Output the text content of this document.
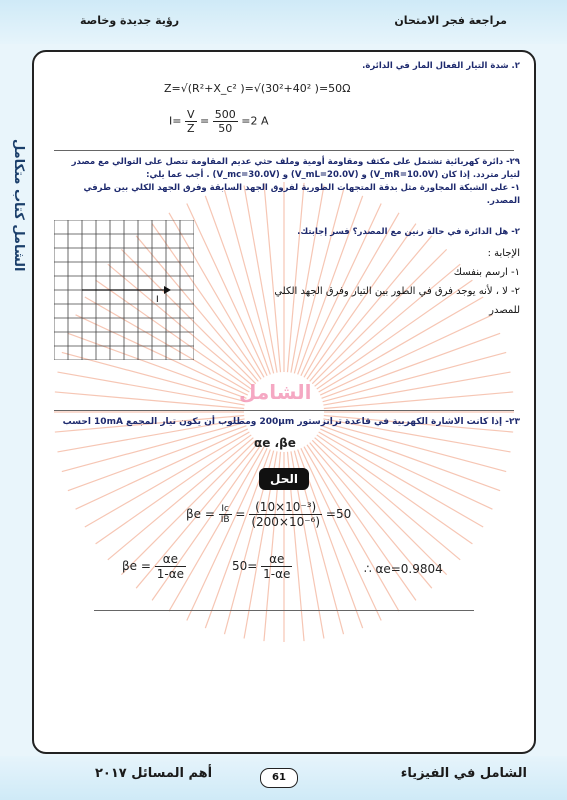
مراجعة فجر الامتحان
رؤية جديدة وخاصة
الشامل كتاب متكامل
٢. شدة التيار الفعال المار في الدائرة.
Z=√(R²+X_c² )=√(30²+40² )=50Ω
$I= \frac{V}{Z} = \frac{500}{50} =2$ A
٢٩- دائرة كهربائية تشتمل على مكثف ومقاومة أومية وملف حثي عديم المقاومة تتصل على التوالي مع مصدر
لتيار متردد. إذا كان (V_mR=10.0V) و (V_mL=20.0V) و (V_mc=30.0V) . أجب عما يلي:
١- على الشبكة المجاورة مثل بدقة المتجهات الطورية لفروق الجهد السابقة وفرق الجهد الكلي بين طرفي المصدر.
I
٢- هل الدائرة في حالة رنين مع المصدر؟ فسر إجابتك.
الإجابة :
١- ارسم بنفسك
٢- لا ، لأنه يوجد فرق في الطور بين التيار وفرق الجهد الكلي
للمصدر
الشامل
٢٣- إذا كانت الاشارة الكهربية في قاعدة ترانزستور 200µm ومطلوب أن يكون تيار المجمع 10mA احسب
αe ،βe
الحل
$\beta e = \frac{Ic}{IB} = \frac{\text{(10×10⁻³)}}{\text{(200×10⁻⁶)}} =50$
$\beta e = \frac{\alpha e}{1-\alpha e}$	$50= \frac{\alpha e}{1-\alpha e}$	∴ αe=0.9804
الشامل في الفيزياء
أهم المسائل ٢٠١٧	61
